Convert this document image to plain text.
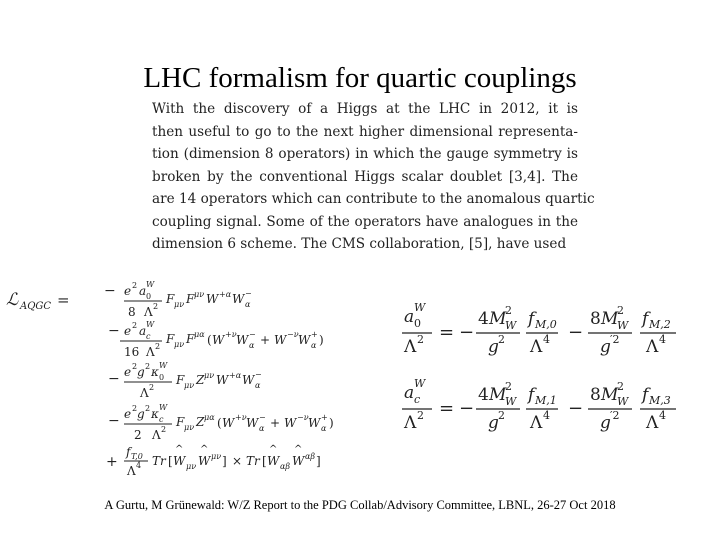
LHC formalism for quartic couplings
With the discovery of a Higgs at the LHC in 2012, it is
then useful to go to the next higher dimensional representa-
tion (dimension 8 operators) in which the gauge symmetry is
broken by the conventional Higgs scalar doublet [3,4]. The
are 14 operators which can contribute to the anomalous quartic
coupling signal. Some of the operators have analogues in the
dimension 6 scheme. The CMS collaboration, [5], have used
ℒ AQGC = − e 2 a 0
W
8 Λ 2
F μν F μν W +α W α
−
− e 2 a c
W
16 Λ 2
F μν F μα ( W +ν W α
− + W −ν W α
+ )
− e 2 g 2 κ 0
W
Λ 2
F μν Z μν W +α W α
−
− e 2 g 2 κ c
W
2 Λ 2
F μν Z μα ( W +ν W α
− + W −ν W α
+ )
+
f T,0
Λ 4 Tr [ W
^
μν W
^
μν ] × Tr [ W
^
αβ W
^
αβ ]
a 0
W
Λ 2 = −
4 M
2
W
g 2
f M,0
Λ 4 −
8 M
2
W
g ′2
f M,2
Λ 4
a c
W
Λ 2 = −
4 M
2
W
g 2
f M,1
Λ 4 −
8 M
2
W
g ′2
f M,3
Λ 4
A Gurtu, M Grünewald: W/Z Report to the PDG Collab/Advisory Committee, LBNL, 26-27 Oct 2018
